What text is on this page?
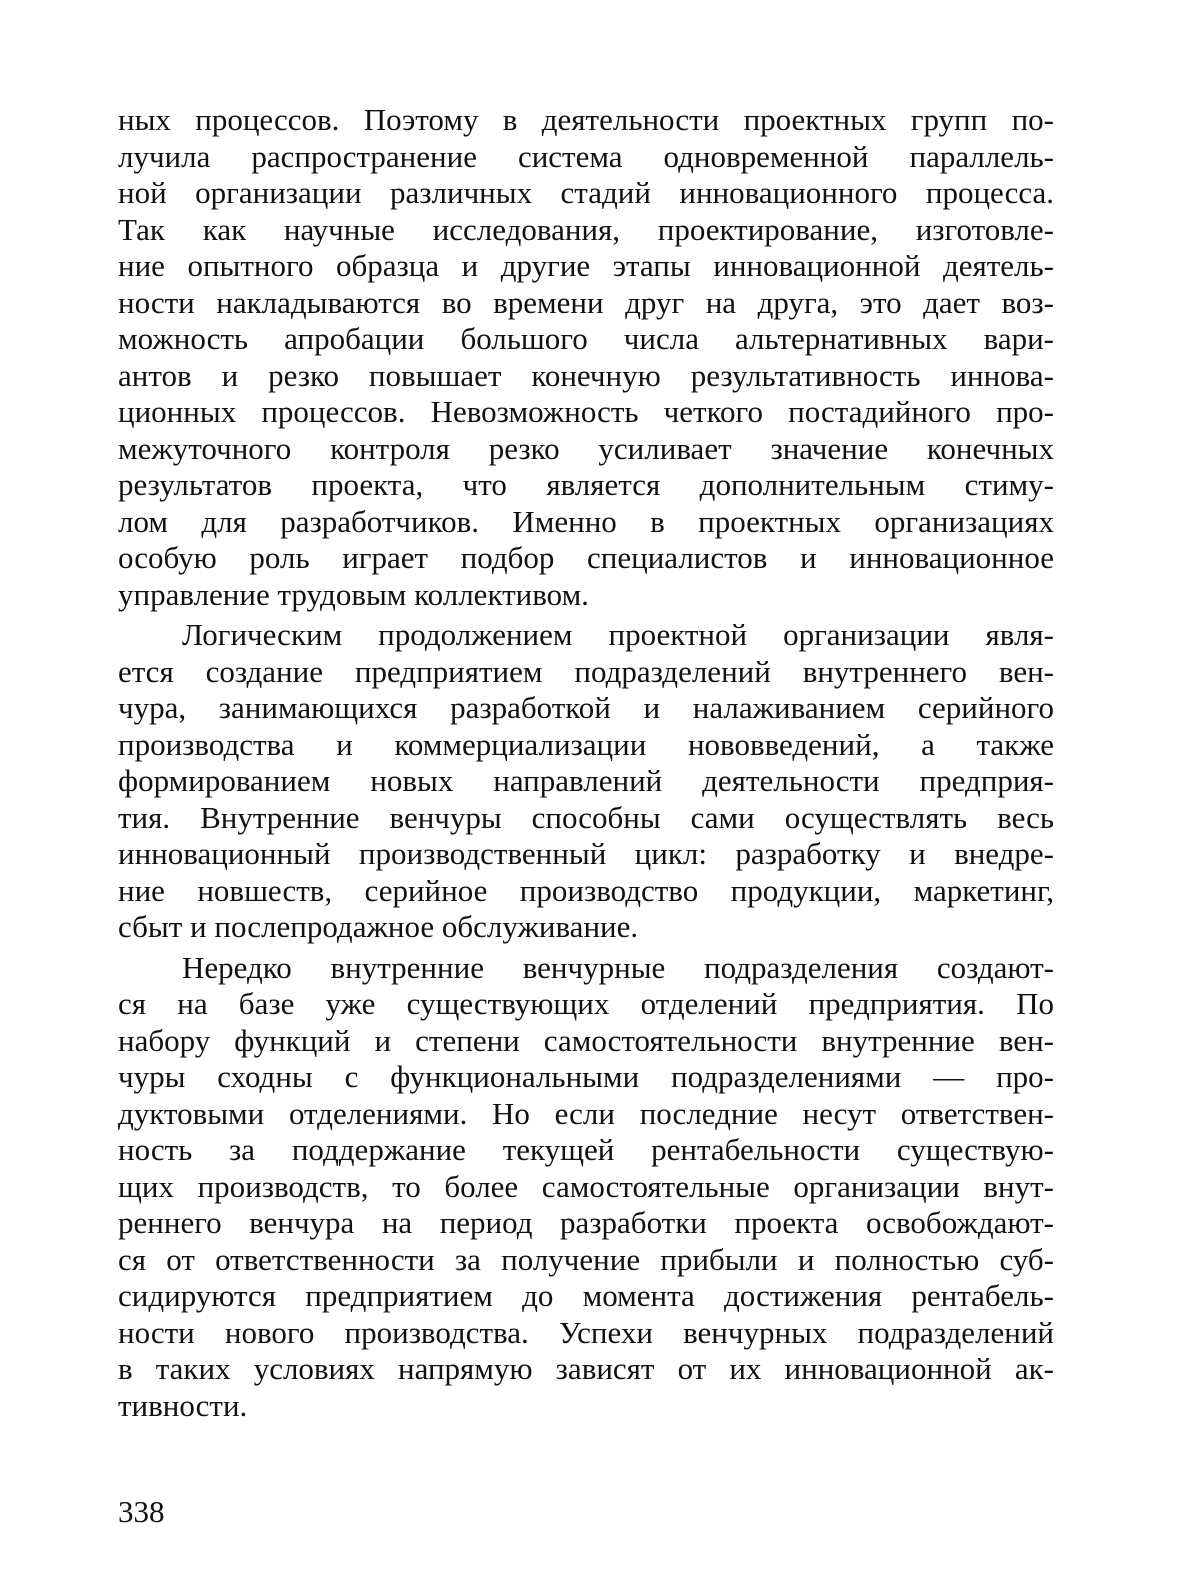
ных процессов. Поэтому в деятельности проектных групп по-
лучила распространение система одновременной параллель-
ной организации различных стадий инновационного процесса.
Так как научные исследования, проектирование, изготовле-
ние опытного образца и другие этапы инновационной деятель-
ности накладываются во времени друг на друга, это дает воз-
можность апробации большого числа альтернативных вари-
антов и резко повышает конечную результативность иннова-
ционных процессов. Невозможность четкого постадийного про-
межуточного контроля резко усиливает значение конечных
результатов проекта, что является дополнительным стиму-
лом для разработчиков. Именно в проектных организациях
особую роль играет подбор специалистов и инновационное
управление трудовым коллективом.
Логическим продолжением проектной организации явля-
ется создание предприятием подразделений внутреннего вен-
чура, занимающихся разработкой и налаживанием серийного
производства и коммерциализации нововведений, а также
формированием новых направлений деятельности предприя-
тия. Внутренние венчуры способны сами осуществлять весь
инновационный производственный цикл: разработку и внедре-
ние новшеств, серийное производство продукции, маркетинг,
сбыт и послепродажное обслуживание.
Нередко внутренние венчурные подразделения создают-
ся на базе уже существующих отделений предприятия. По
набору функций и степени самостоятельности внутренние вен-
чуры сходны с функциональными подразделениями — про-
дуктовыми отделениями. Но если последние несут ответствен-
ность за поддержание текущей рентабельности существую-
щих производств, то более самостоятельные организации внут-
реннего венчура на период разработки проекта освобождают-
ся от ответственности за получение прибыли и полностью суб-
сидируются предприятием до момента достижения рентабель-
ности нового производства. Успехи венчурных подразделений
в таких условиях напрямую зависят от их инновационной ак-
тивности.
338
